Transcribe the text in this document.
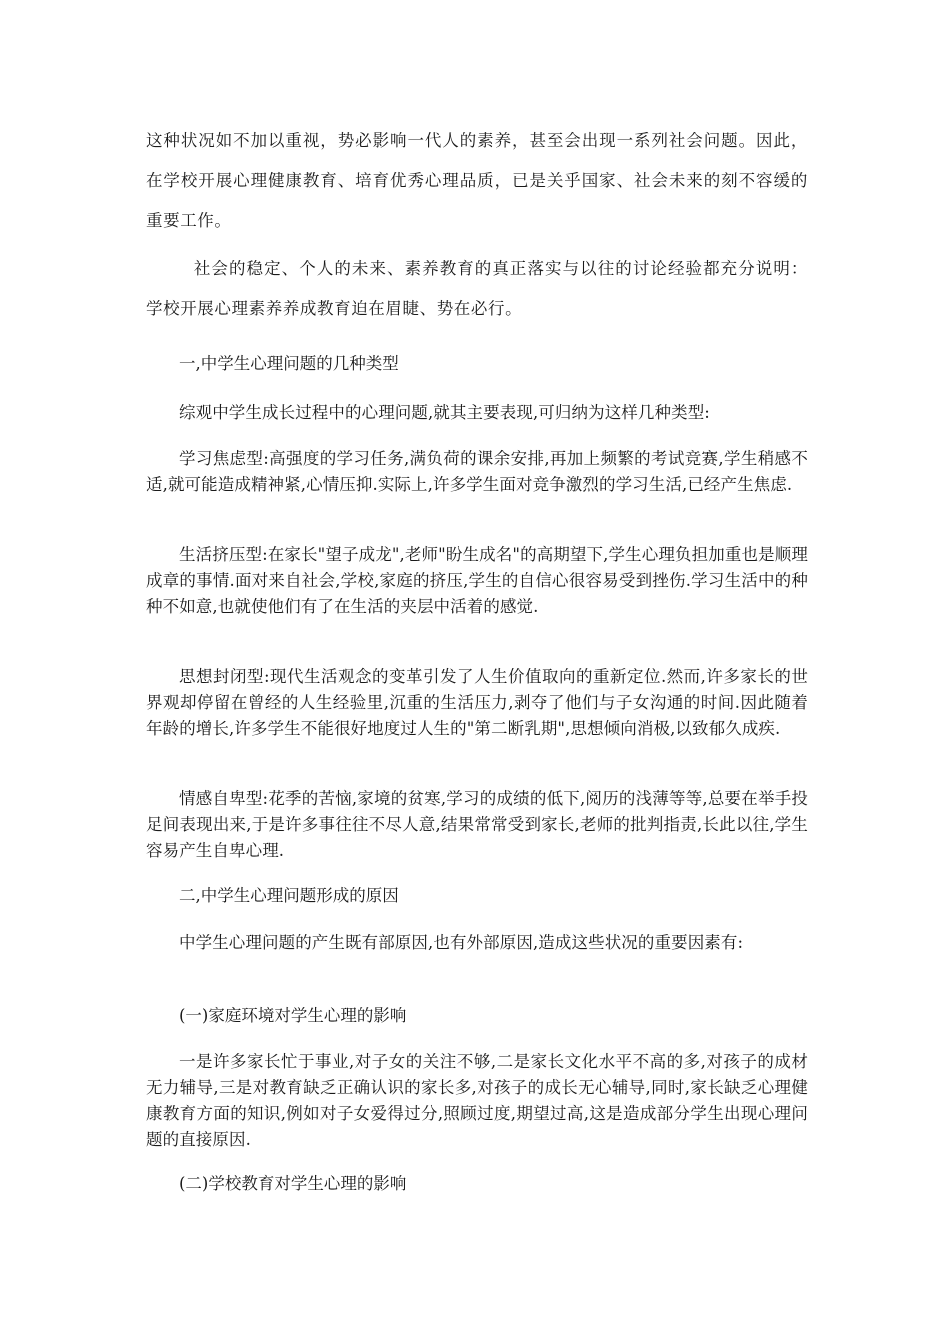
这种状况如不加以重视，势必影响一代人的素养，甚至会出现一系列社会问题。因此，在学校开展心理健康教育、培育优秀心理品质，已是关乎国家、社会未来的刻不容缓的重要工作。

社会的稳定、个人的未来、素养教育的真正落实与以往的讨论经验都充分说明：学校开展心理素养养成教育迫在眉睫、势在必行。

一,中学生心理问题的几种类型

综观中学生成长过程中的心理问题,就其主要表现,可归纳为这样几种类型:

学习焦虑型:高强度的学习任务,满负荷的课余安排,再加上频繁的考试竞赛,学生稍感不适,就可能造成精神紧,心情压抑.实际上,许多学生面对竞争激烈的学习生活,已经产生焦虑.

生活挤压型:在家长"望子成龙",老师"盼生成名"的高期望下,学生心理负担加重也是顺理成章的事情.面对来自社会,学校,家庭的挤压,学生的自信心很容易受到挫伤.学习生活中的种种不如意,也就使他们有了在生活的夹层中活着的感觉.

思想封闭型:现代生活观念的变革引发了人生价值取向的重新定位.然而,许多家长的世界观却停留在曾经的人生经验里,沉重的生活压力,剥夺了他们与子女沟通的时间.因此随着年龄的增长,许多学生不能很好地度过人生的"第二断乳期",思想倾向消极,以致郁久成疾.

情感自卑型:花季的苦恼,家境的贫寒,学习的成绩的低下,阅历的浅薄等等,总要在举手投足间表现出来,于是许多事往往不尽人意,结果常常受到家长,老师的批判指责,长此以往,学生容易产生自卑心理.

二,中学生心理问题形成的原因

中学生心理问题的产生既有部原因,也有外部原因,造成这些状况的重要因素有:

(一)家庭环境对学生心理的影响

一是许多家长忙于事业,对子女的关注不够,二是家长文化水平不高的多,对孩子的成材无力辅导,三是对教育缺乏正确认识的家长多,对孩子的成长无心辅导,同时,家长缺乏心理健康教育方面的知识,例如对子女爱得过分,照顾过度,期望过高,这是造成部分学生出现心理问题的直接原因.

(二)学校教育对学生心理的影响
